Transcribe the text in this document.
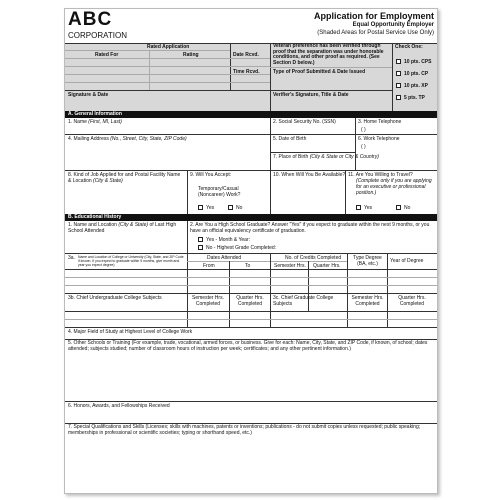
ABC
CORPORATION
Application for Employment
Equal Opportunity Employer
(Shaded Areas for Postal Service Use Only)
Rated Application
Rated For	Rating	Date Rcvd.
Time Rcvd.
Veteran preference has been verified through proof that the separation was under honorable conditions, and other proof as required. (See Section D below.)
Type of Proof Submitted & Date Issued
Signature & Date	Verifier's Signature, Title & Date
Check One:
10 pts. CPS
10 pts. CP
10 pts. XP
5 pts. TP
A. General Information
1. Name (First, MI, Last)	2. Social Security No. (SSN)	3. Home Telephone
( )
4. Mailing Address (No., Street, City, State, ZIP Code)	5. Date of Birth	6. Work Telephone
( )
7. Place of Birth (City & State or City & Country)
8. Kind of Job Applied for and Postal Facility Name & Location (City & State)
9. Will You Accept:
Temporary/Casual (Noncareer) Work?
Yes	No
10. When Will You Be Available? 11. Are You Willing to Travel?
(Complete only if you are applying for an executive or professional position.)
Yes	No
B. Educational History
1. Name and Location (City & State) of Last High School Attended
2. Are You a High School Graduate? Answer "Yes" if you expect to graduate within the next 9 months, or you have an official equivalency certificate of graduation.
Yes - Month & Year:
No - Highest Grade Completed:
3a. Name and Location of College or University (City, State, and ZIP Code if known. If you expect to graduate within 9 months, give month and year you expect degree)
Dates Attended
From	To
No. of Credits Completed
Semester Hrs. Quarter Hrs.
Type Degree (BA, etc.)	Year of Degree
3b. Chief Undergraduate College Subjects	Semester Hrs. Completed
Quarter Hrs. Completed
3c. Chief Graduate College Subjects
Semester Hrs. Completed
Quarter Hrs. Completed
4. Major Field of Study at Highest Level of College Work
5. Other Schools or Training (For example, trade, vocational, armed forces, or business. Give for each: Name, City, State, and ZIP Code, if known, of school; dates attended; subjects studied; number of classroom hours of instruction per week; certificates; and any other pertinent information.)
6. Honors, Awards, and Fellowships Received
7. Special Qualifications and Skills (Licenses; skills with machines, patents or inventions; publications - do not submit copies unless requested; public speaking; memberships in professional or scientific societies; typing or shorthand speed, etc.)
